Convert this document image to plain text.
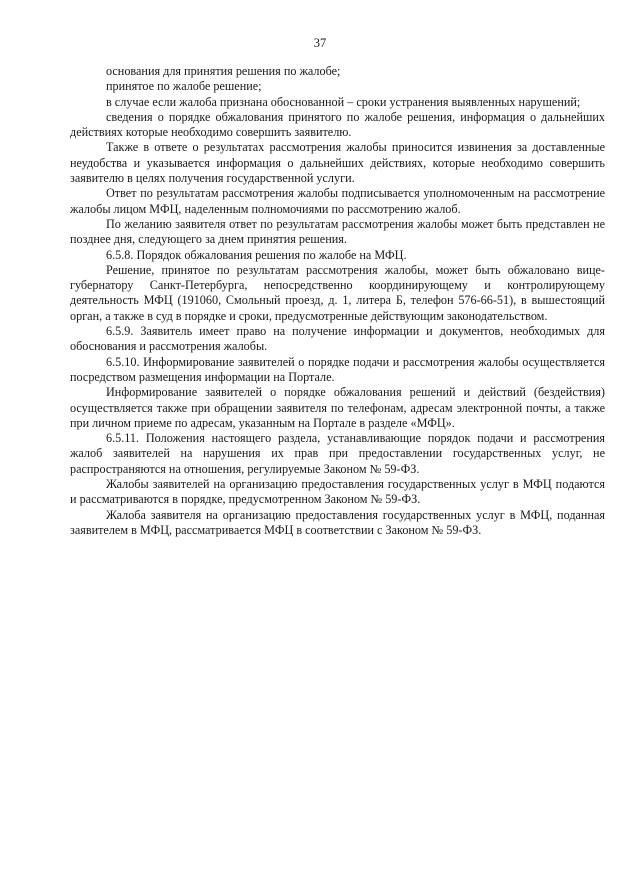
37

основания для принятия решения по жалобе;

принятое по жалобе решение;

в случае если жалоба признана обоснованной – сроки устранения выявленных нарушений;

сведения о порядке обжалования принятого по жалобе решения, информация о дальнейших действиях которые необходимо совершить заявителю.

Также в ответе о результатах рассмотрения жалобы приносится извинения за доставленные неудобства и указывается информация о дальнейших действиях, которые необходимо совершить заявителю в целях получения государственной услуги.

Ответ по результатам рассмотрения жалобы подписывается уполномоченным на рассмотрение жалобы лицом МФЦ, наделенным полномочиями по рассмотрению жалоб.

По желанию заявителя ответ по результатам рассмотрения жалобы может быть представлен не позднее дня, следующего за днем принятия решения.

6.5.8. Порядок обжалования решения по жалобе на МФЦ.

Решение, принятое по результатам рассмотрения жалобы, может быть обжаловано вице-губернатору Санкт-Петербурга, непосредственно координирующему и контролирующему деятельность МФЦ (191060, Смольный проезд, д. 1, литера Б, телефон 576-66-51), в вышестоящий орган, а также в суд в порядке и сроки, предусмотренные действующим законодательством.

6.5.9. Заявитель имеет право на получение информации и документов, необходимых для обоснования и рассмотрения жалобы.

6.5.10. Информирование заявителей о порядке подачи и рассмотрения жалобы осуществляется посредством размещения информации на Портале.

Информирование заявителей о порядке обжалования решений и действий (бездействия) осуществляется также при обращении заявителя по телефонам, адресам электронной почты, а также при личном приеме по адресам, указанным на Портале в разделе «МФЦ».

6.5.11. Положения настоящего раздела, устанавливающие порядок подачи и рассмотрения жалоб заявителей на нарушения их прав при предоставлении государственных услуг, не распространяются на отношения, регулируемые Законом № 59-ФЗ.

Жалобы заявителей на организацию предоставления государственных услуг в МФЦ подаются и рассматриваются в порядке, предусмотренном Законом № 59-ФЗ.

Жалоба заявителя на организацию предоставления государственных услуг в МФЦ, поданная заявителем в МФЦ, рассматривается МФЦ в соответствии с Законом № 59-ФЗ.
